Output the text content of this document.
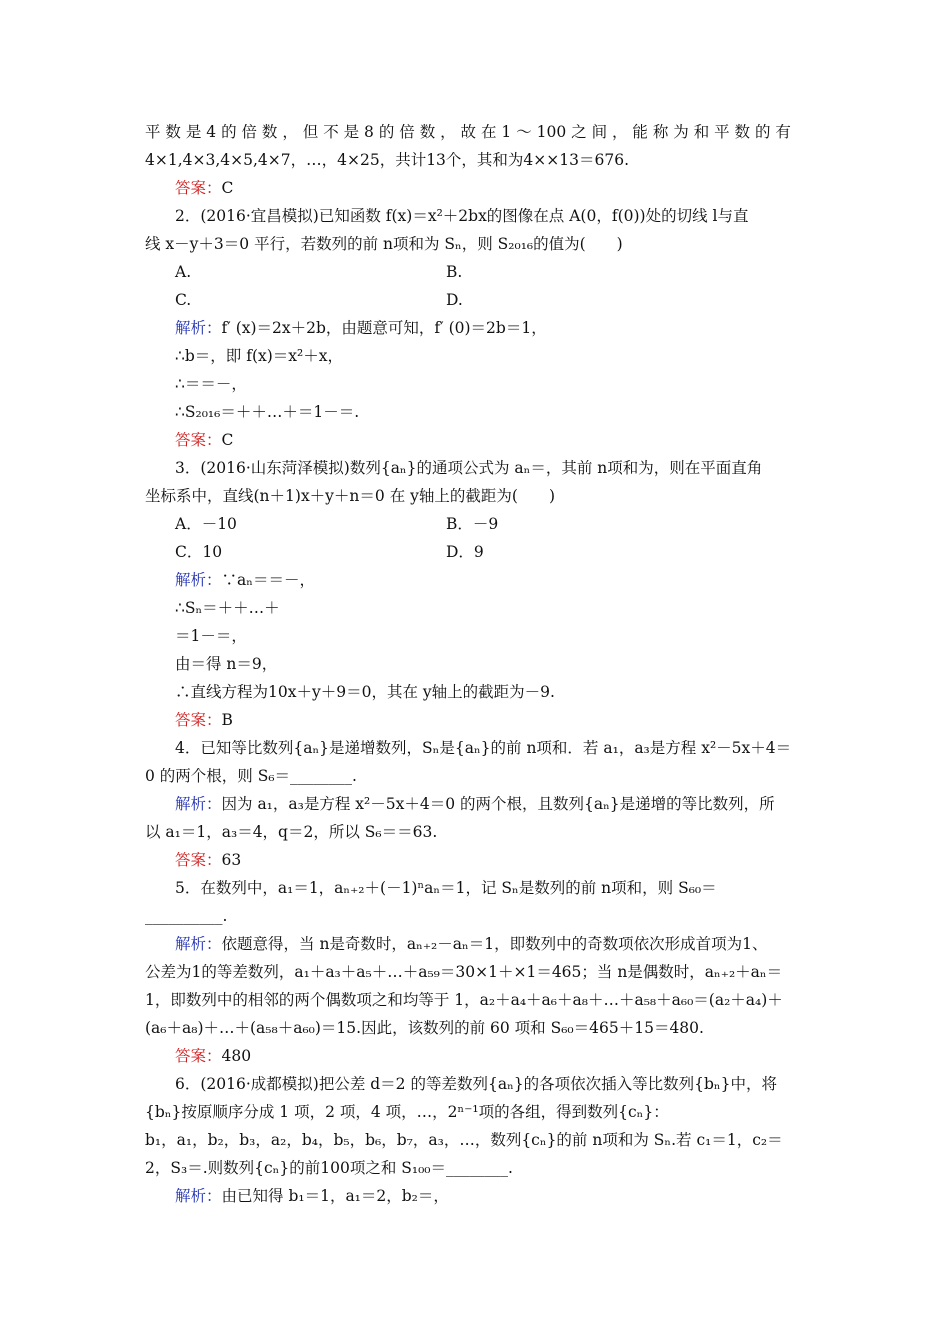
平 数 是 4 的 倍 数 ， 但 不 是 8 的 倍 数 ， 故 在 1 ～ 100 之 间 ， 能 称 为 和 平 数 的 有
4×1,4×3,4×5,4×7，…，4×25，共计13个，其和为4××13＝676.
答案：C
2．(2016·宜昌模拟)已知函数 f(x)＝x²＋2bx的图像在点 A(0，f(0))处的切线 l与直
线 x－y＋3＝0 平行，若数列的前 n项和为 Sₙ，则 S₂₀₁₆的值为(　　)
A.	B.
C.	D.
解析：f′ (x)＝2x＋2b，由题意可知，f′ (0)＝2b＝1，
∴b＝，即 f(x)＝x²＋x，
∴＝＝－，
∴S₂₀₁₆＝＋＋…＋＝1－＝.
答案：C
3．(2016·山东菏泽模拟)数列{aₙ}的通项公式为 aₙ＝，其前 n项和为，则在平面直角
坐标系中，直线(n＋1)x＋y＋n＝0 在 y轴上的截距为(　　)
A．－10	B．－9
C．10	D．9
解析：∵aₙ＝＝－，
∴Sₙ＝＋＋…＋
＝1－＝，
由＝得 n＝9，
∴直线方程为10x＋y＋9＝0，其在 y轴上的截距为－9.
答案：B
4．已知等比数列{aₙ}是递增数列，Sₙ是{aₙ}的前 n项和．若 a₁，a₃是方程 x²－5x＋4＝
0 的两个根，则 S₆＝________.
解析：因为 a₁，a₃是方程 x²－5x＋4＝0 的两个根，且数列{aₙ}是递增的等比数列，所
以 a₁＝1，a₃＝4，q＝2，所以 S₆＝＝63.
答案：63
5．在数列中，a₁＝1，aₙ₊₂＋(－1)ⁿaₙ＝1，记 Sₙ是数列的前 n项和，则 S₆₀＝
__________.
解析：依题意得，当 n是奇数时，aₙ₊₂－aₙ＝1，即数列中的奇数项依次形成首项为1、
公差为1的等差数列，a₁＋a₃＋a₅＋…＋a₅₉＝30×1＋×1＝465；当 n是偶数时，aₙ₊₂＋aₙ＝
1，即数列中的相邻的两个偶数项之和均等于 1，a₂＋a₄＋a₆＋a₈＋…＋a₅₈＋a₆₀＝(a₂＋a₄)＋
(a₆＋a₈)＋…＋(a₅₈＋a₆₀)＝15.因此，该数列的前 60 项和 S₆₀＝465＋15＝480.
答案：480
6．(2016·成都模拟)把公差 d＝2 的等差数列{aₙ}的各项依次插入等比数列{bₙ}中，将
{bₙ}按原顺序分成 1 项，2 项，4 项，…，2ⁿ⁻¹项的各组，得到数列{cₙ}：
b₁，a₁，b₂，b₃，a₂，b₄，b₅，b₆，b₇，a₃，…，数列{cₙ}的前 n项和为 Sₙ.若 c₁＝1，c₂＝
2，S₃＝.则数列{cₙ}的前100项之和 S₁₀₀＝________.
解析：由已知得 b₁＝1，a₁＝2，b₂＝，
